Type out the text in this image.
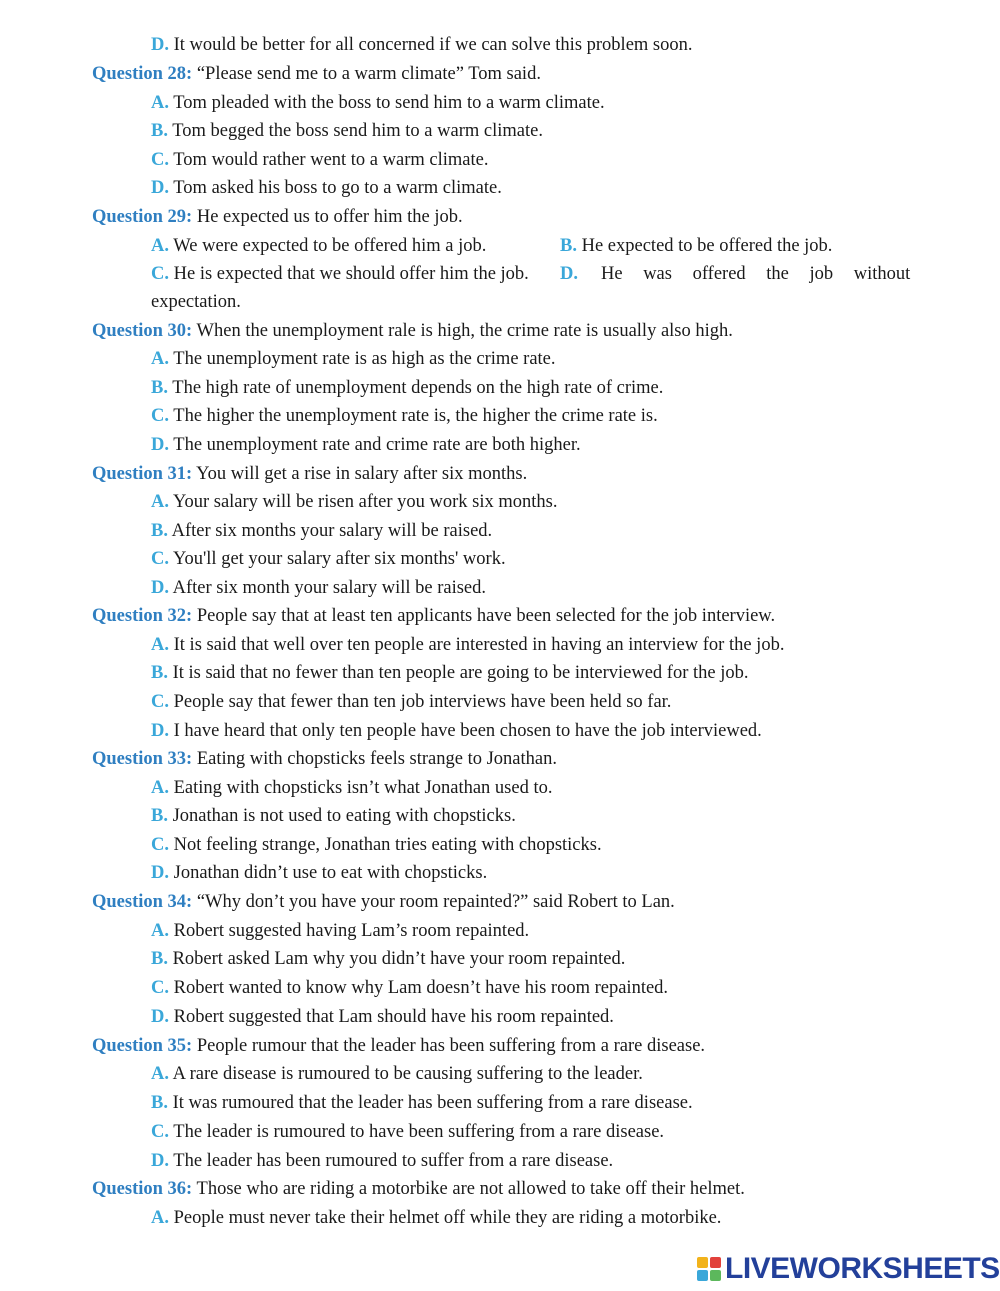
D. It would be better for all concerned if we can solve this problem soon.
Question 28: “Please send me to a warm climate” Tom said.
A. Tom pleaded with the boss to send him to a warm climate.
B. Tom begged the boss send him to a warm climate.
C. Tom would rather went to a warm climate.
D. Tom asked his boss to go to a warm climate.
Question 29: He expected us to offer him the job.
A. We were expected to be offered him a job.	B. He expected to be offered the job.
C. He is expected that we should offer him the job. D. He was offered the job without
expectation.
Question 30: When the unemployment rale is high, the crime rate is usually also high.
A. The unemployment rate is as high as the crime rate.
B. The high rate of unemployment depends on the high rate of crime.
C. The higher the unemployment rate is, the higher the crime rate is.
D. The unemployment rate and crime rate are both higher.
Question 31: You will get a rise in salary after six months.
A. Your salary will be risen after you work six months.
B. After six months your salary will be raised.
C. You'll get your salary after six months' work.
D. After six month your salary will be raised.
Question 32: People say that at least ten applicants have been selected for the job interview.
A. It is said that well over ten people are interested in having an interview for the job.
B. It is said that no fewer than ten people are going to be interviewed for the job.
C. People say that fewer than ten job interviews have been held so far.
D. I have heard that only ten people have been chosen to have the job interviewed.
Question 33: Eating with chopsticks feels strange to Jonathan.
A. Eating with chopsticks isn’t what Jonathan used to.
B. Jonathan is not used to eating with chopsticks.
C. Not feeling strange, Jonathan tries eating with chopsticks.
D. Jonathan didn’t use to eat with chopsticks.
Question 34: “Why don’t you have your room repainted?” said Robert to Lan.
A. Robert suggested having Lam’s room repainted.
B. Robert asked Lam why you didn’t have your room repainted.
C. Robert wanted to know why Lam doesn’t have his room repainted.
D. Robert suggested that Lam should have his room repainted.
Question 35: People rumour that the leader has been suffering from a rare disease.
A. A rare disease is rumoured to be causing suffering to the leader.
B. It was rumoured that the leader has been suffering from a rare disease.
C. The leader is rumoured to have been suffering from a rare disease.
D. The leader has been rumoured to suffer from a rare disease.
Question 36: Those who are riding a motorbike are not allowed to take off their helmet.
A. People must never take their helmet off while they are riding a motorbike.
LIVEWORKSHEETS
